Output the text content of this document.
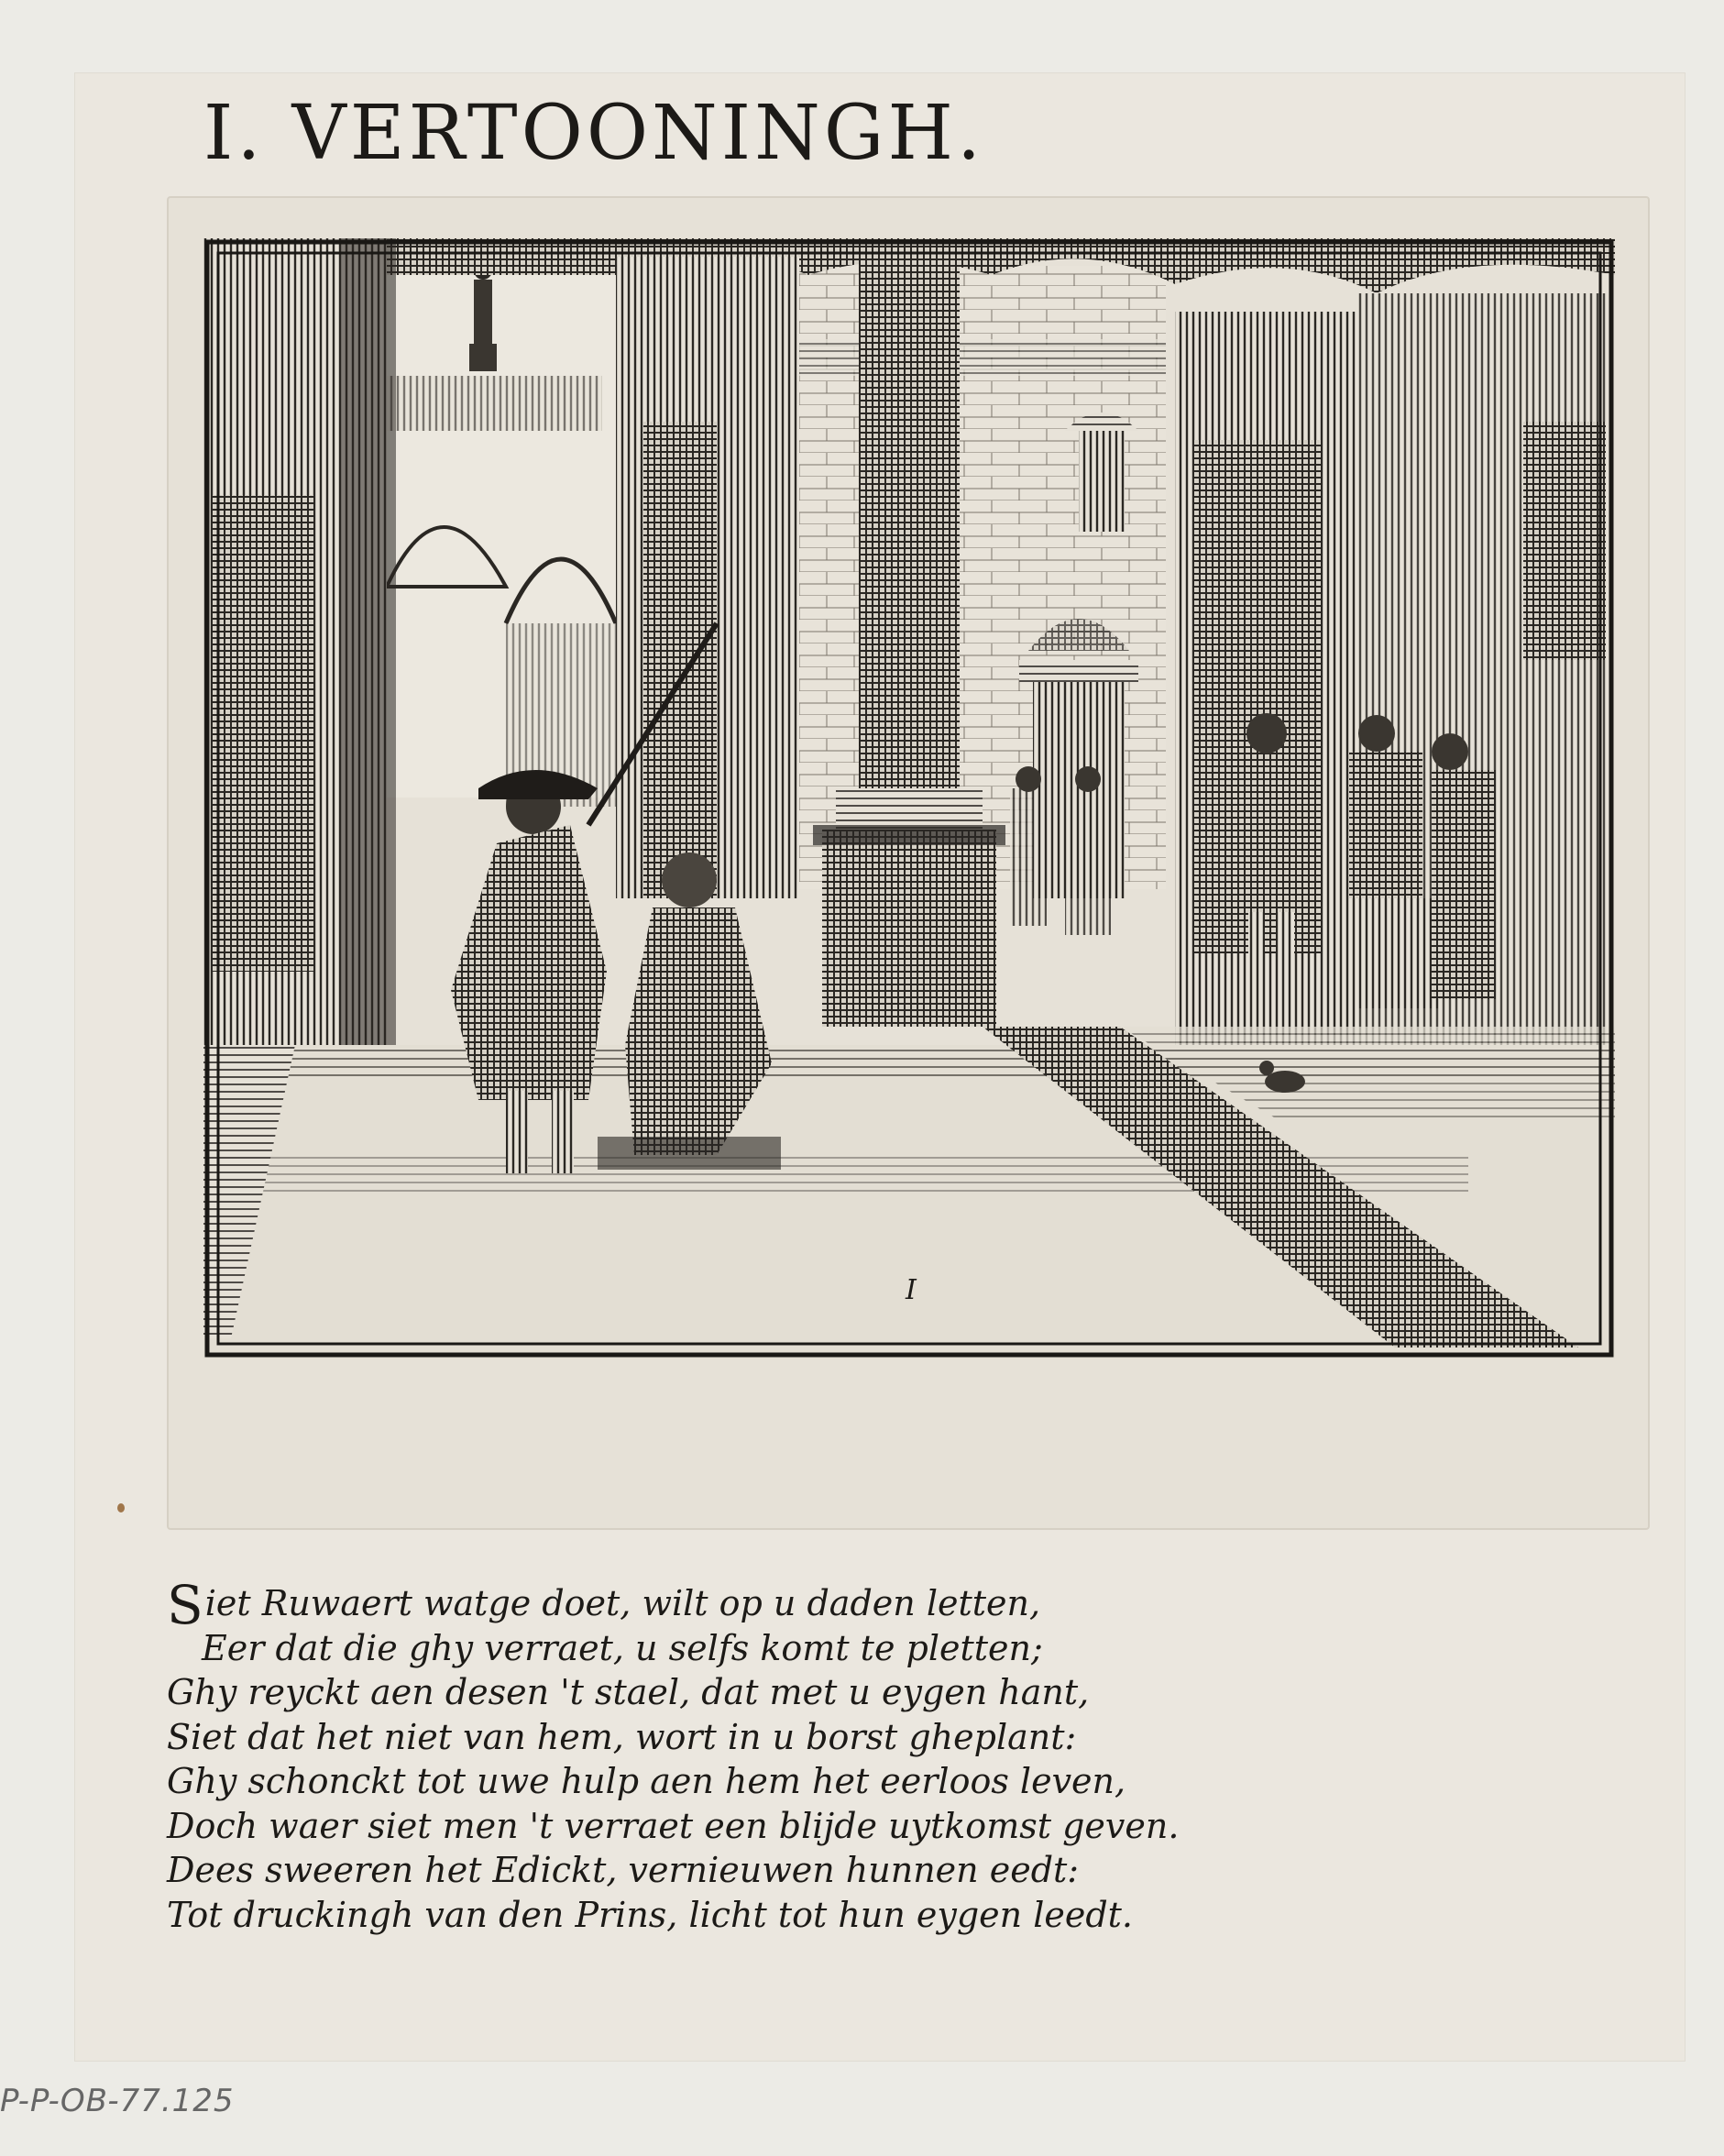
I. VERTOONINGH.
I
Siet Ruwaert watge doet, wilt op u daden letten,
Eer dat die ghy verraet, u selfs komt te pletten;
Ghy reyckt aen desen 't stael, dat met u eygen hant,
Siet dat het niet van hem, wort in u borst gheplant:
Ghy schonckt tot uwe hulp aen hem het eerloos leven,
Doch waer siet men 't verraet een blijde uytkomst geven.
Dees sweeren het Edickt, vernieuwen hunnen eedt:
Tot druckingh van den Prins, licht tot hun eygen leedt.
P-P-OB-77.125
